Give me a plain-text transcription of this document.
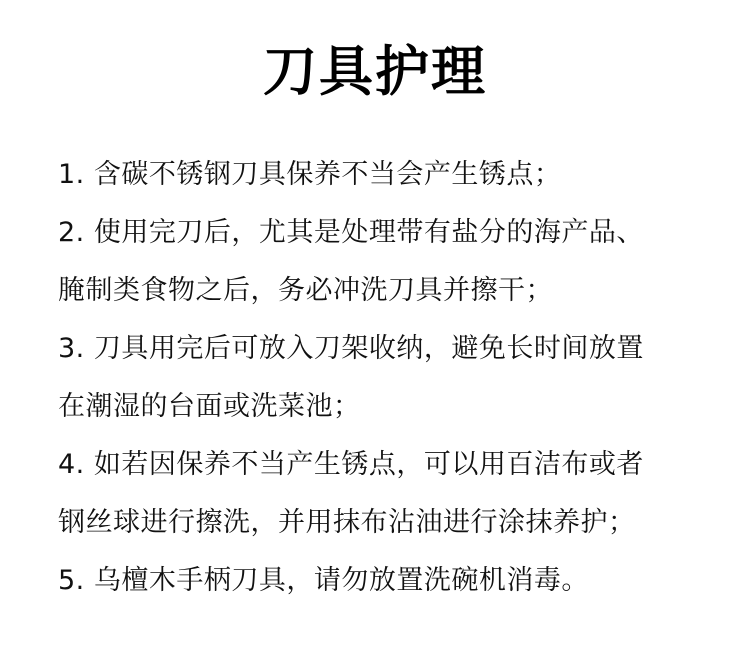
刀具护理
1. 含碳不锈钢刀具保养不当会产生锈点；
2. 使用完刀后，尤其是处理带有盐分的海产品、
腌制类食物之后，务必冲洗刀具并擦干；
3. 刀具用完后可放入刀架收纳，避免长时间放置
在潮湿的台面或洗菜池；
4. 如若因保养不当产生锈点，可以用百洁布或者
钢丝球进行擦洗，并用抹布沾油进行涂抹养护；
5. 乌檀木手柄刀具，请勿放置洗碗机消毒。
